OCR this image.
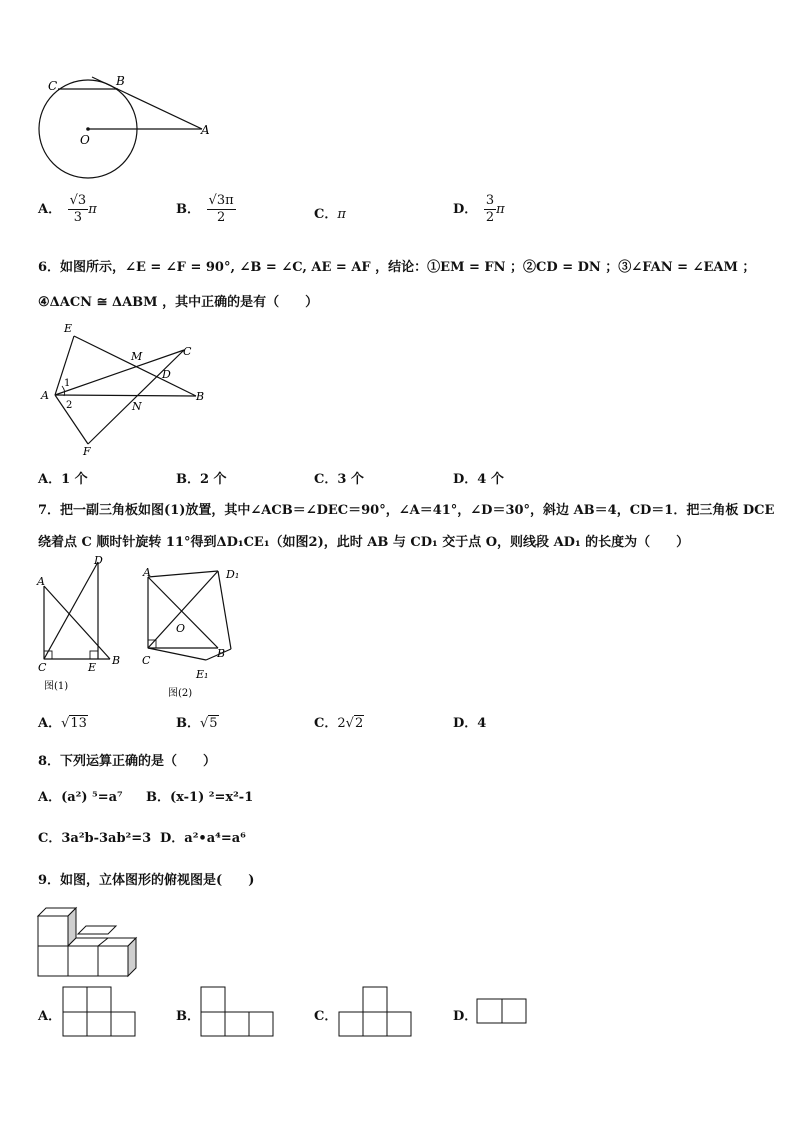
C	B
O
A
A． $\frac{√3}{3}$ π	B． $\frac{√3\pi}{2}$	C．π	D． $\frac{3}{2}$ π
6．如图所示，∠E = ∠F = 90°, ∠B = ∠C, AE = AF ，结论：①EM = FN ；②CD = DN ；③∠FAN = ∠EAM ；
④ΔACN ≅ ΔABM ，其中正确的是有（　　）
E
M	C
D
A
1
2	N
B
F
A．1 个	B．2 个	C．3 个	D．4 个
7．把一副三角板如图(1)放置，其中∠ACB＝∠DEC＝90°，∠A＝41°，∠D＝30°，斜边 AB＝4，CD＝1．把三角板 DCE
绕着点 C 顺时针旋转 11°得到ΔD₁CE₁（如图2)，此时 AB 与 CD₁ 交于点 O，则线段 AD₁ 的长度为（　　）
A
D
C	E
B
图(1)
A	D₁
O
C
B
E₁
图(2)
A．√13	B．√5	C．2√2	D．4
8．下列运算正确的是（　　）
A．(a²) ⁵=a⁷ B．(x-1) ²=x²-1
C．3a²b-3ab²=3 D．a²•a⁴=a⁶
9．如图，立体图形的俯视图是(　　)
A．	B．	C．	D．
